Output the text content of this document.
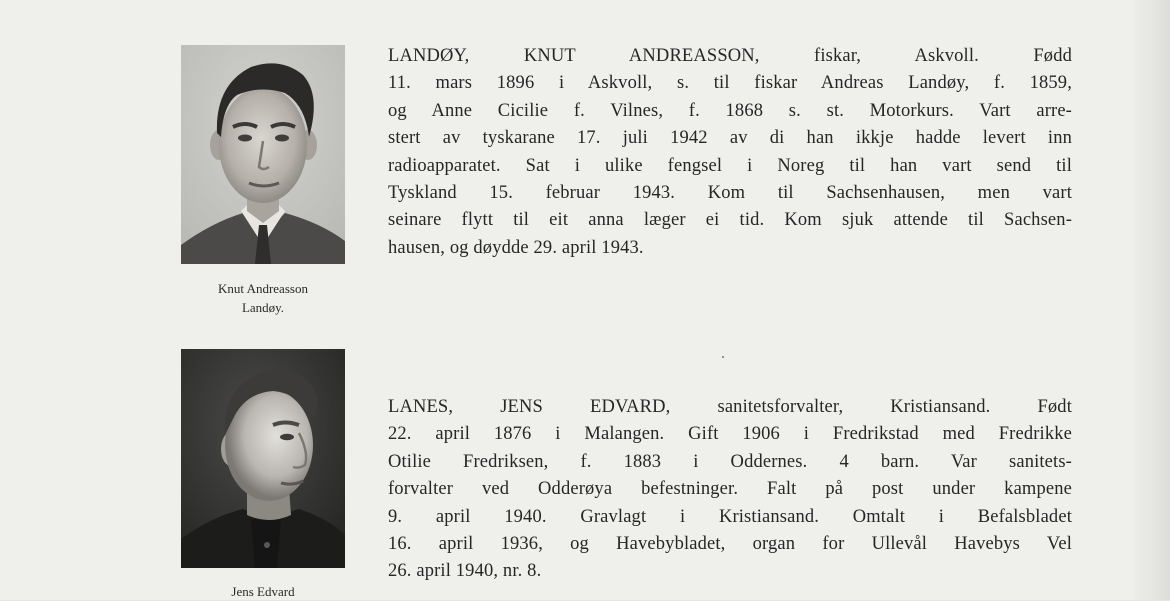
Knut Andreasson
Landøy.
LANDØY, KNUT ANDREASSON, fiskar, Askvoll. Fødd
11. mars 1896 i Askvoll, s. til fiskar Andreas Landøy, f. 1859,
og Anne Cicilie f. Vilnes, f. 1868 s. st. Motorkurs. Vart arre-
stert av tyskarane 17. juli 1942 av di han ikkje hadde levert inn
radioapparatet. Sat i ulike fengsel i Noreg til han vart send til
Tyskland 15. februar 1943. Kom til Sachsenhausen, men vart
seinare flytt til eit anna læger ei tid. Kom sjuk attende til Sachsen-
hausen, og døydde 29. april 1943.
Jens Edvard
LANES, JENS EDVARD, sanitetsforvalter, Kristiansand. Født
22. april 1876 i Malangen. Gift 1906 i Fredrikstad med Fredrikke
Otilie Fredriksen, f. 1883 i Oddernes. 4 barn. Var sanitets-
forvalter ved Odderøya befestninger. Falt på post under kampene
9. april 1940. Gravlagt i Kristiansand. Omtalt i Befalsbladet
16. april 1936, og Havebybladet, organ for Ullevål Havebys Vel
26. april 1940, nr. 8.
